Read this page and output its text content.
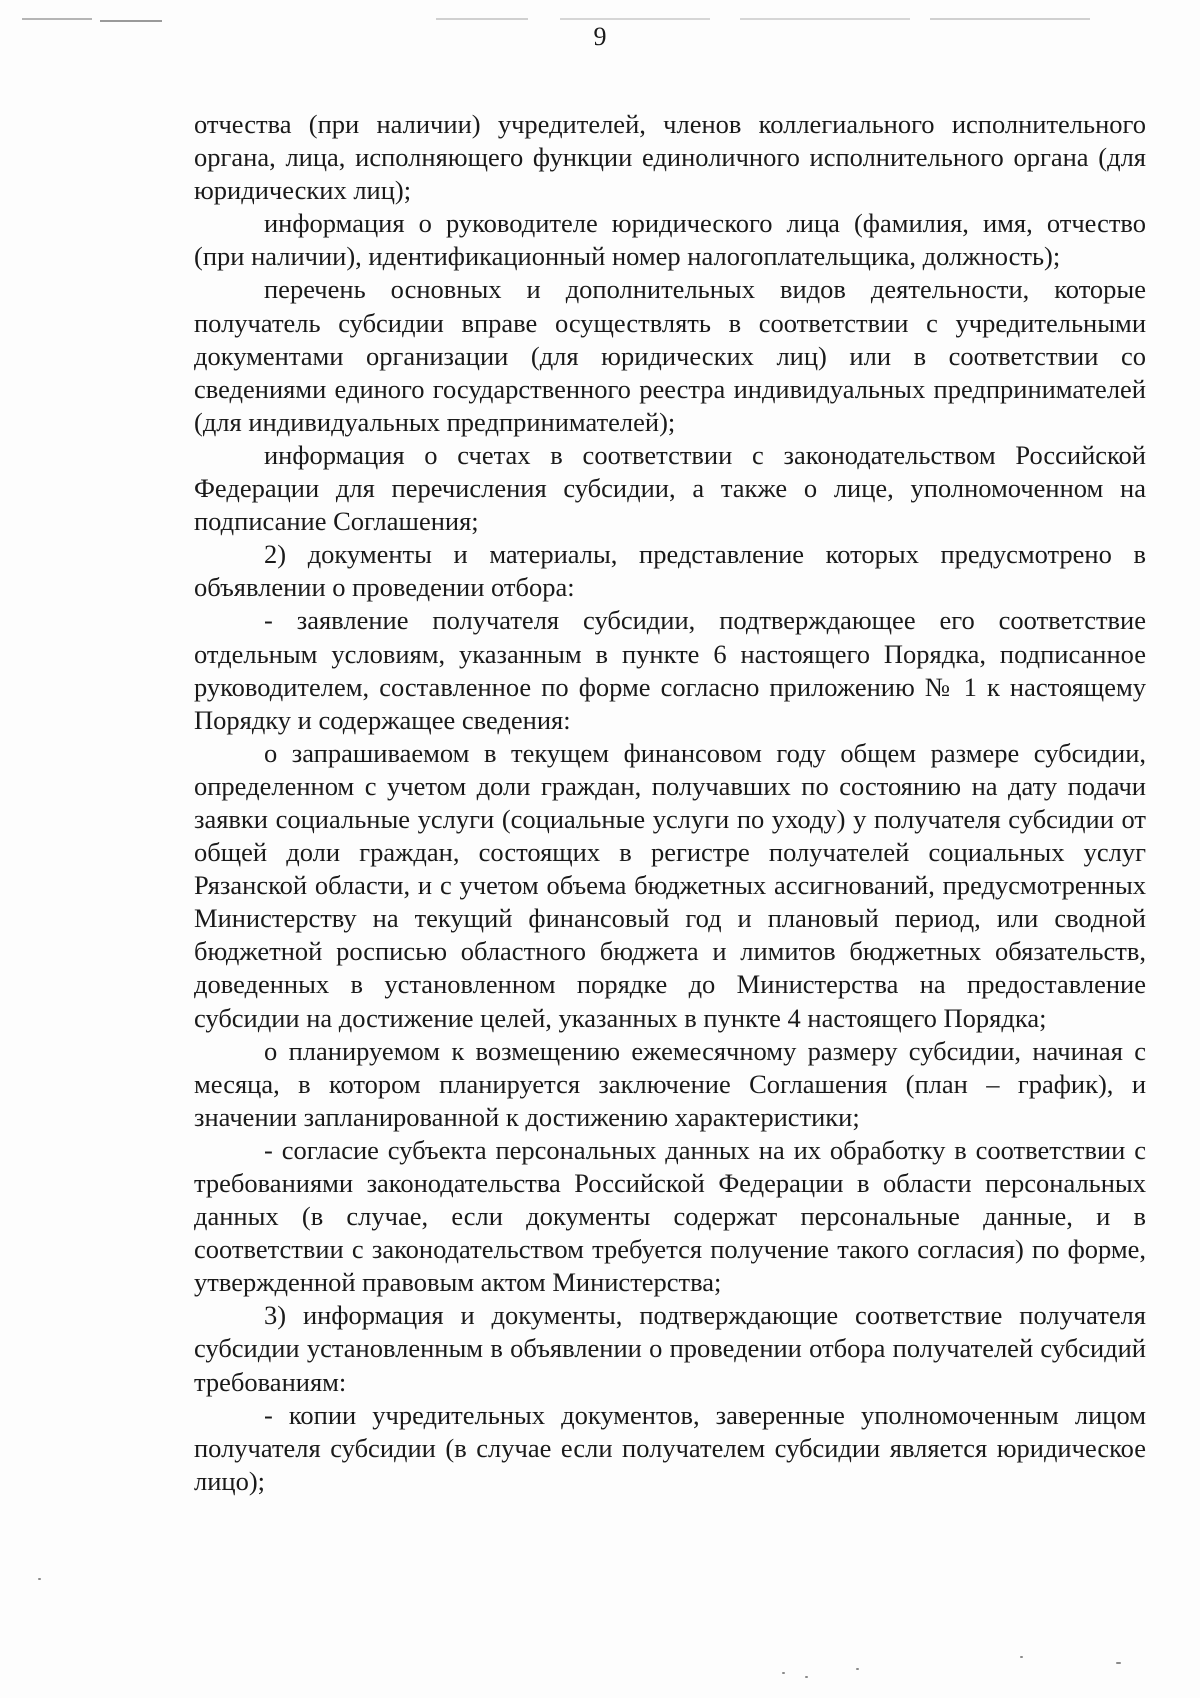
9

отчества (при наличии) учредителей, членов коллегиального исполнительного органа, лица, исполняющего функции единоличного исполнительного органа (для юридических лиц);

информация о руководителе юридического лица (фамилия, имя, отчество (при наличии), идентификационный номер налогоплательщика, должность);

перечень основных и дополнительных видов деятельности, которые получатель субсидии вправе осуществлять в соответствии с учредительными документами организации (для юридических лиц) или в соответствии со сведениями единого государственного реестра индивидуальных предпринимателей (для индивидуальных предпринимателей);

информация о счетах в соответствии с законодательством Российской Федерации для перечисления субсидии, а также о лице, уполномоченном на подписание Соглашения;

2) документы и материалы, представление которых предусмотрено в объявлении о проведении отбора:

- заявление получателя субсидии, подтверждающее его соответствие отдельным условиям, указанным в пункте 6 настоящего Порядка, подписанное руководителем, составленное по форме согласно приложению № 1 к настоящему Порядку и содержащее сведения:

о запрашиваемом в текущем финансовом году общем размере субсидии, определенном с учетом доли граждан, получавших по состоянию на дату подачи заявки социальные услуги (социальные услуги по уходу) у получателя субсидии от общей доли граждан, состоящих в регистре получателей социальных услуг Рязанской области, и с учетом объема бюджетных ассигнований, предусмотренных Министерству на текущий финансовый год и плановый период, или сводной бюджетной росписью областного бюджета и лимитов бюджетных обязательств, доведенных в установленном порядке до Министерства на предоставление субсидии на достижение целей, указанных в пункте 4 настоящего Порядка;

о планируемом к возмещению ежемесячному размеру субсидии, начиная с месяца, в котором планируется заключение Соглашения (план – график), и значении запланированной к достижению характеристики;

- согласие субъекта персональных данных на их обработку в соответствии с требованиями законодательства Российской Федерации в области персональных данных (в случае, если документы содержат персональные данные, и в соответствии с законодательством требуется получение такого согласия) по форме, утвержденной правовым актом Министерства;

3) информация и документы, подтверждающие соответствие получателя субсидии установленным в объявлении о проведении отбора получателей субсидий требованиям:

- копии учредительных документов, заверенные уполномоченным лицом получателя субсидии (в случае если получателем субсидии является юридическое лицо);
